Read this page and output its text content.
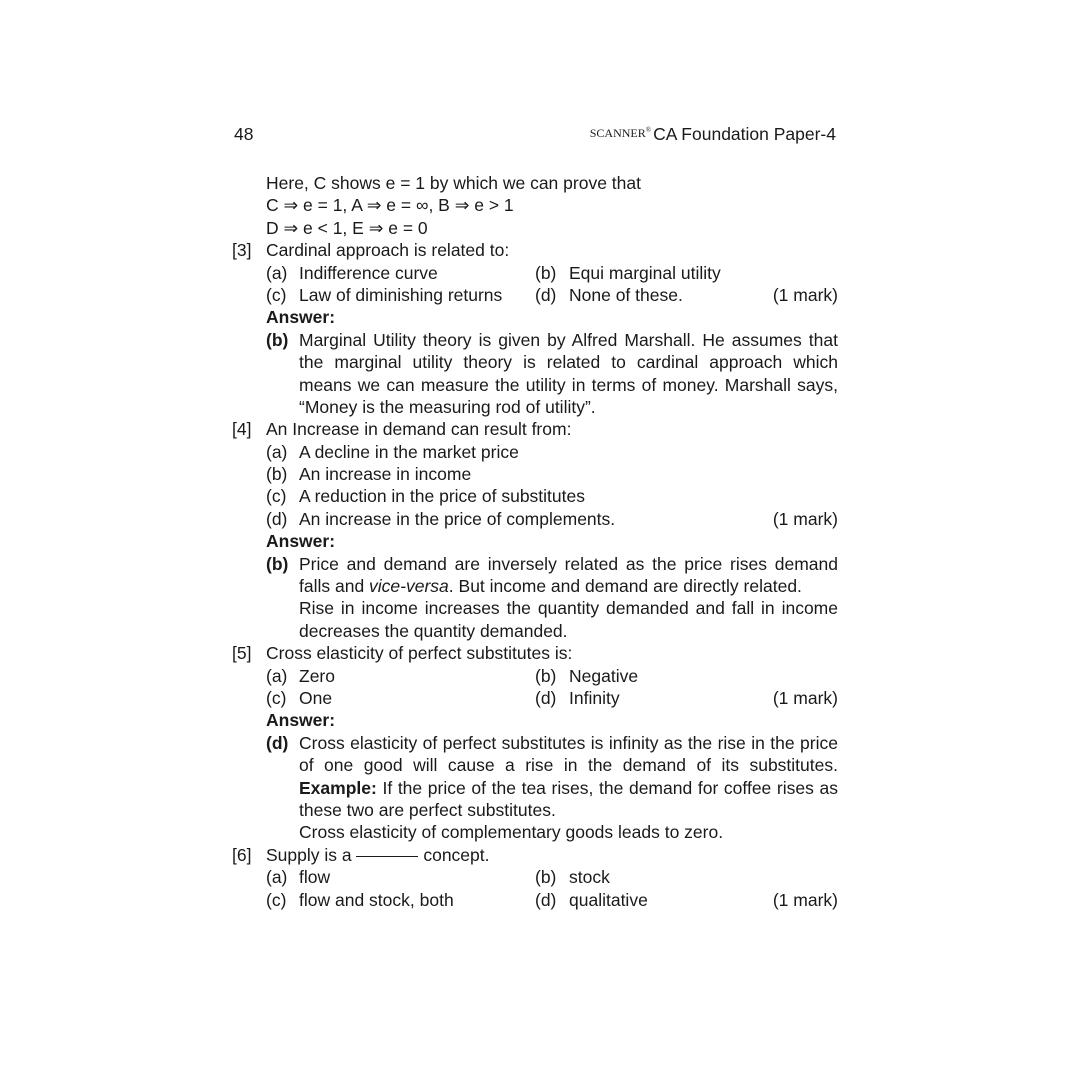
48	SCANNER® CA Foundation Paper-4
Here, C shows e = 1 by which we can prove that
C ⇒ e = 1, A ⇒ e = ∞, B ⇒ e > 1
D ⇒ e < 1, E ⇒ e = 0
[3] Cardinal approach is related to:
(a) Indifference curve	(b) Equi marginal utility
(c) Law of diminishing returns (d) None of these.	(1 mark)
Answer:
(b) Marginal Utility theory is given by Alfred Marshall. He assumes that
the marginal utility theory is related to cardinal approach which
means we can measure the utility in terms of money. Marshall says,
“Money is the measuring rod of utility”.
[4] An Increase in demand can result from:
(a) A decline in the market price
(b) An increase in income
(c) A reduction in the price of substitutes
(d) An increase in the price of complements.	(1 mark)
Answer:
(b) Price and demand are inversely related as the price rises demand
falls and vice-versa. But income and demand are directly related.
Rise in income increases the quantity demanded and fall in income
decreases the quantity demanded.
[5] Cross elasticity of perfect substitutes is:
(a) Zero	(b) Negative
(c) One	(d) Infinity	(1 mark)
Answer:
(d) Cross elasticity of perfect substitutes is infinity as the rise in the price
of one good will cause a rise in the demand of its substitutes.
Example: If the price of the tea rises, the demand for coffee rises as
these two are perfect substitutes.
Cross elasticity of complementary goods leads to zero.
[6] Supply is a	concept.
(a) flow	(b) stock
(c) flow and stock, both	(d) qualitative	(1 mark)
